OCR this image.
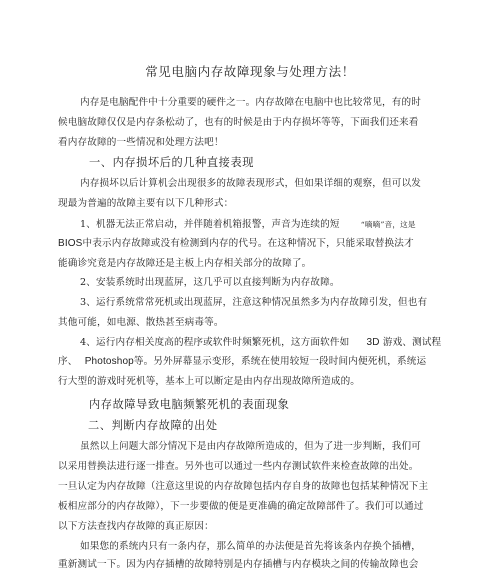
常见电脑内存故障现象与处理方法！
内存是电脑配件中十分重要的硬件之一。内存故障在电脑中也比较常见，有的时
候电脑故障仅仅是内存条松动了，也有的时候是由于内存损坏等等，下面我们还来看
看内存故障的一些情况和处理方法吧！
一、内存损坏后的几种直接表现
内存损坏以后计算机会出现很多的故障表现形式，但如果详细的观察，但可以发
现最为普遍的故障主要有以下几种形式：
1、机器无法正常启动，并伴随着机箱报警，声音为连续的短	“嘀嘀”音，这是
BIOS中表示内存故障或没有检测到内存的代号。在这种情况下，只能采取替换法才
能确诊究竟是内存故障还是主板上内存相关部分的故障了。
2、安装系统时出现蓝屏，这几乎可以直接判断为内存故障。
3、运行系统常常死机或出现蓝屏，注意这种情况虽然多为内存故障引发，但也有
其他可能，如电源、散热甚至病毒等。
4、运行内存相关度高的程序或软件时频繁死机，这方面软件如 3D 游戏、测试程
序、 Photoshop等。另外屏幕显示变形，系统在使用较短一段时间内便死机，系统运
行大型的游戏时死机等，基本上可以断定是由内存出现故障所造成的。
内存故障导致电脑频繁死机的表面现象
二、判断内存故障的出处
虽然以上问题大部分情况下是由内存故障所造成的，但为了进一步判断，我们可
以采用替换法进行逐一排查。另外也可以通过一些内存测试软件来检查故障的出处。
一旦认定为内存故障（注意这里说的内存故障包括内存自身的故障也包括某种情况下主
板相应部分的内存故障），下一步要做的便是更准确的确定故障部件了。我们可以通过
以下方法查找内存故障的真正原因：
如果您的系统内只有一条内存，那么简单的办法便是首先将该条内存换个插槽，
重新测试一下。因为内存插槽的故障特别是内存插槽与内存模块之间的传输故障也会
